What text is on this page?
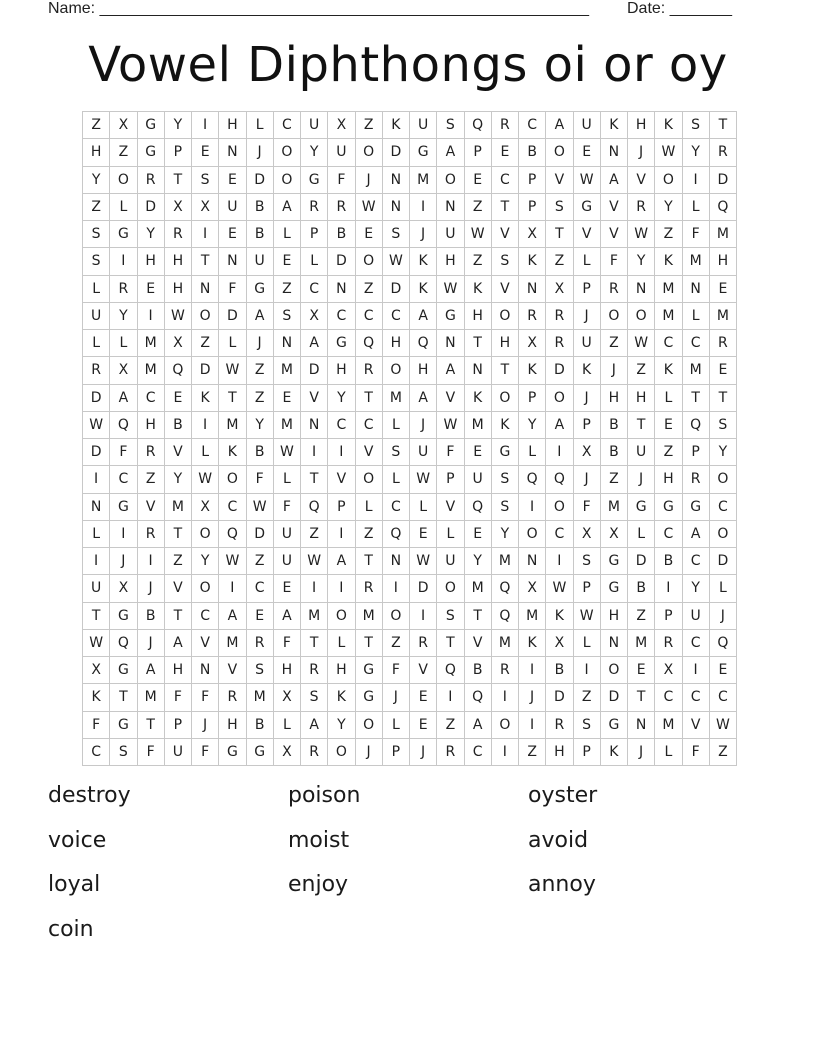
Name: _______________________________________________________ Date: _______
Vowel Diphthongs oi or oy
Z	X	G	Y	I	H	L	C	U	X	Z	K	U	S	Q	R	C	A	U	K	H	K	S	T
H	Z	G	P	E	N	J	O	Y	U	O	D	G	A	P	E	B	O	E	N	J	W	Y	R
Y	O	R	T	S	E	D	O	G	F	J	N	M	O	E	C	P	V	W	A	V	O	I	D
Z	L	D	X	X	U	B	A	R	R	W	N	I	N	Z	T	P	S	G	V	R	Y	L	Q
S	G	Y	R	I	E	B	L	P	B	E	S	J	U	W	V	X	T	V	V	W	Z	F	M
S	I	H	H	T	N	U	E	L	D	O	W	K	H	Z	S	K	Z	L	F	Y	K	M	H
L	R	E	H	N	F	G	Z	C	N	Z	D	K	W	K	V	N	X	P	R	N	M	N	E
U	Y	I	W	O	D	A	S	X	C	C	C	A	G	H	O	R	R	J	O	O	M	L	M
L	L	M	X	Z	L	J	N	A	G	Q	H	Q	N	T	H	X	R	U	Z	W	C	C	R
R	X	M	Q	D	W	Z	M	D	H	R	O	H	A	N	T	K	D	K	J	Z	K	M	E
D	A	C	E	K	T	Z	E	V	Y	T	M	A	V	K	O	P	O	J	H	H	L	T	T
W	Q	H	B	I	M	Y	M	N	C	C	L	J	W	M	K	Y	A	P	B	T	E	Q	S
D	F	R	V	L	K	B	W	I	I	V	S	U	F	E	G	L	I	X	B	U	Z	P	Y
I	C	Z	Y	W	O	F	L	T	V	O	L	W	P	U	S	Q	Q	J	Z	J	H	R	O
N	G	V	M	X	C	W	F	Q	P	L	C	L	V	Q	S	I	O	F	M	G	G	G	C
L	I	R	T	O	Q	D	U	Z	I	Z	Q	E	L	E	Y	O	C	X	X	L	C	A	O
I	J	I	Z	Y	W	Z	U	W	A	T	N	W	U	Y	M	N	I	S	G	D	B	C	D
U	X	J	V	O	I	C	E	I	I	R	I	D	O	M	Q	X	W	P	G	B	I	Y	L
T	G	B	T	C	A	E	A	M	O	M	O	I	S	T	Q	M	K	W	H	Z	P	U	J
W	Q	J	A	V	M	R	F	T	L	T	Z	R	T	V	M	K	X	L	N	M	R	C	Q
X	G	A	H	N	V	S	H	R	H	G	F	V	Q	B	R	I	B	I	O	E	X	I	E
K	T	M	F	F	R	M	X	S	K	G	J	E	I	Q	I	J	D	Z	D	T	C	C	C
F	G	T	P	J	H	B	L	A	Y	O	L	E	Z	A	O	I	R	S	G	N	M	V	W
C	S	F	U	F	G	G	X	R	O	J	P	J	R	C	I	Z	H	P	K	J	L	F	Z
destroy	poison	oyster
voice	moist	avoid
loyal	enjoy	annoy
coin
